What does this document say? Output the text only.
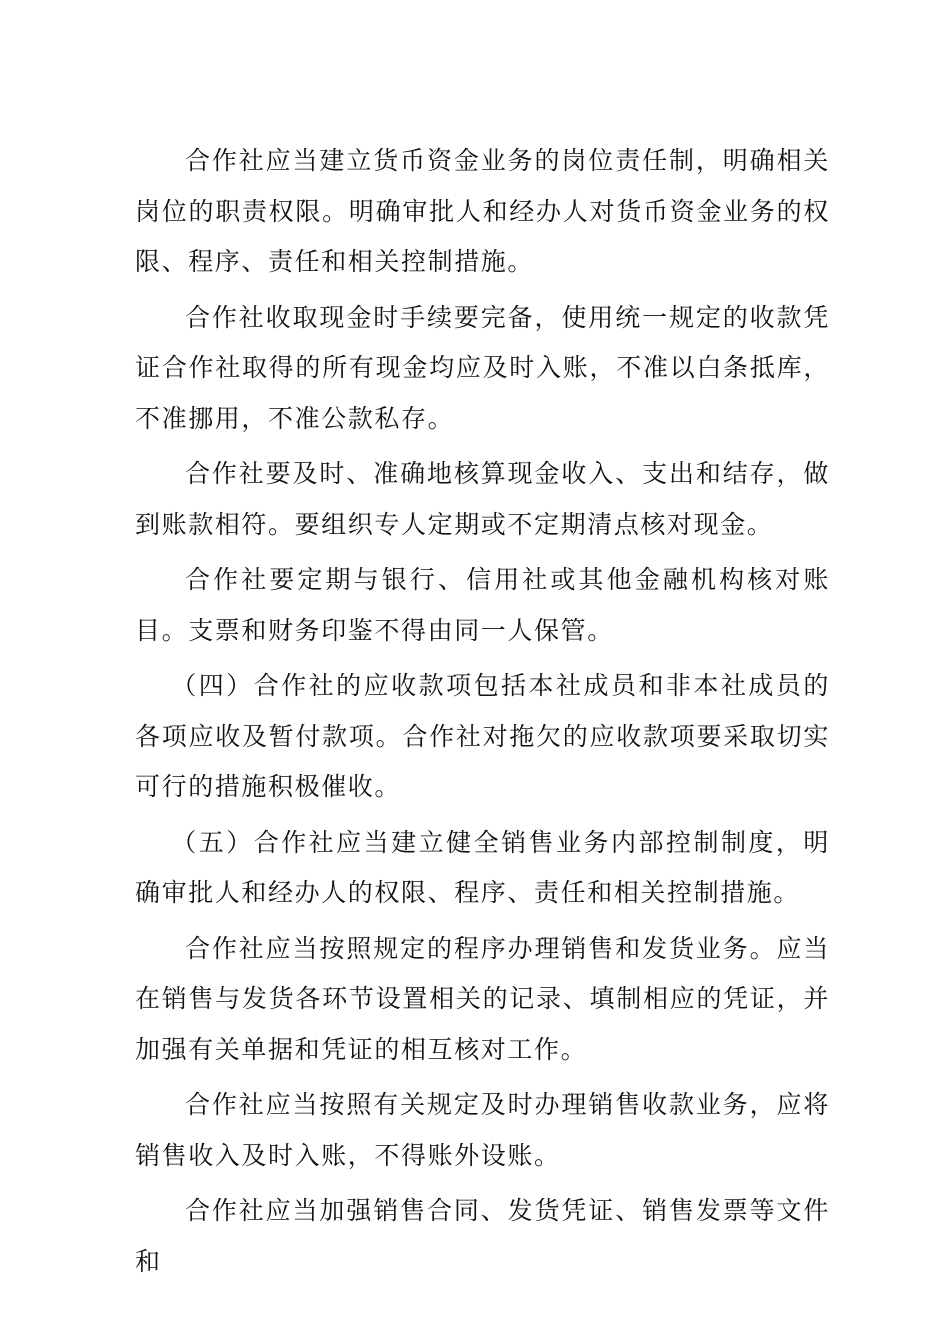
合作社应当建立货币资金业务的岗位责任制，明确相关岗位的职责权限。明确审批人和经办人对货币资金业务的权限、程序、责任和相关控制措施。

合作社收取现金时手续要完备，使用统一规定的收款凭证合作社取得的所有现金均应及时入账，不准以白条抵库，不准挪用，不准公款私存。

合作社要及时、准确地核算现金收入、支出和结存，做到账款相符。要组织专人定期或不定期清点核对现金。

合作社要定期与银行、信用社或其他金融机构核对账目。支票和财务印鉴不得由同一人保管。

（四）合作社的应收款项包括本社成员和非本社成员的各项应收及暂付款项。合作社对拖欠的应收款项要采取切实可行的措施积极催收。

（五）合作社应当建立健全销售业务内部控制制度，明确审批人和经办人的权限、程序、责任和相关控制措施。

合作社应当按照规定的程序办理销售和发货业务。应当在销售与发货各环节设置相关的记录、填制相应的凭证，并加强有关单据和凭证的相互核对工作。

合作社应当按照有关规定及时办理销售收款业务，应将销售收入及时入账，不得账外设账。

合作社应当加强销售合同、发货凭证、销售发票等文件和
